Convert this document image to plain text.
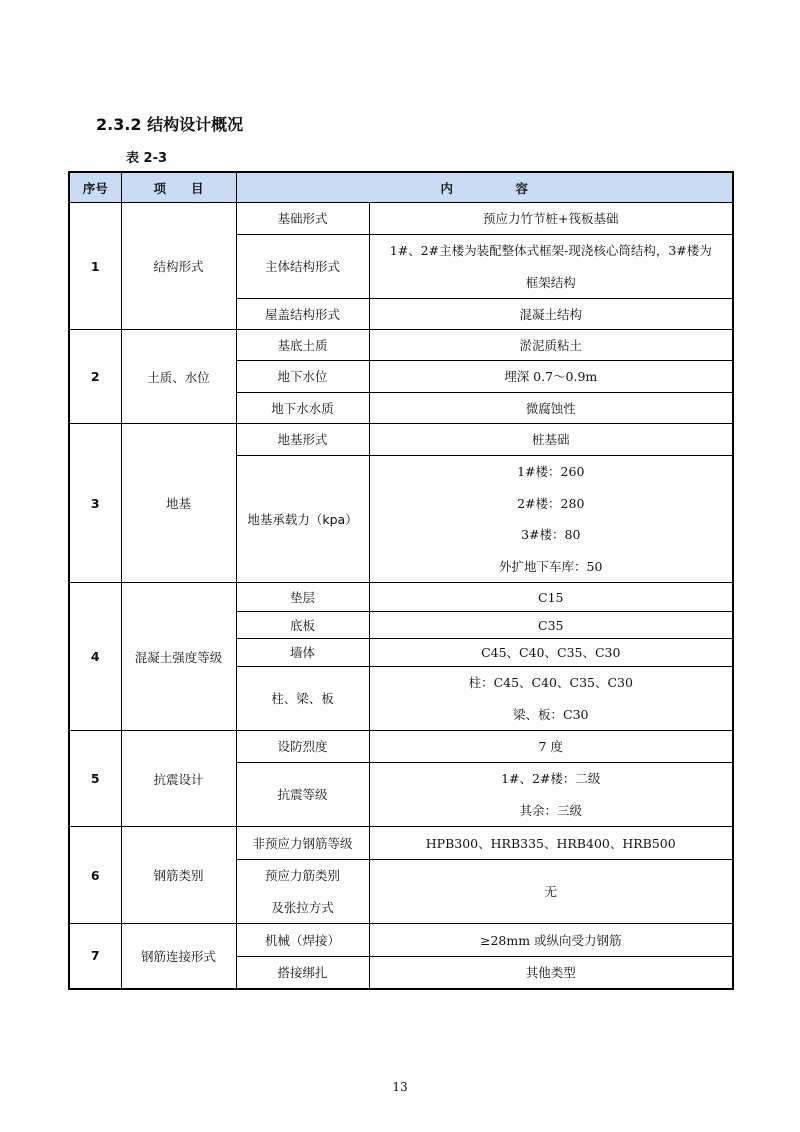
2.3.2 结构设计概况
表 2-3
序号	项　　目	内　　　　　容	
1	结构形式	基础形式	预应力竹节桩+筏板基础

		主体结构形式	1#、2#主楼为装配整体式框架-现浇核心筒结构，3#楼为
框架结构

		屋盖结构形式	混凝土结构

2	土质、水位	基底土质	淤泥质粘土

		地下水位	埋深 0.7～0.9m

		地下水水质	微腐蚀性

3	地基	地基形式	桩基础

		地基承载力（kpa）	1#楼：260
2#楼：280
3#楼：80
外扩地下车库：50

4	混凝土强度等级	垫层	C15

		底板	C35

		墙体	C45、C40、C35、C30

		柱、梁、板	柱：C45、C40、C35、C30
梁、板：C30

5	抗震设计	设防烈度	7 度

		抗震等级	1#、2#楼：二级
其余：三级

6	钢筋类别	非预应力钢筋等级	HPB300、HRB335、HRB400、HRB500

		预应力筋类别
及张拉方式	无

7	钢筋连接形式	机械（焊接）	≥28mm 或纵向受力钢筋

		搭接绑扎	其他类型
13
